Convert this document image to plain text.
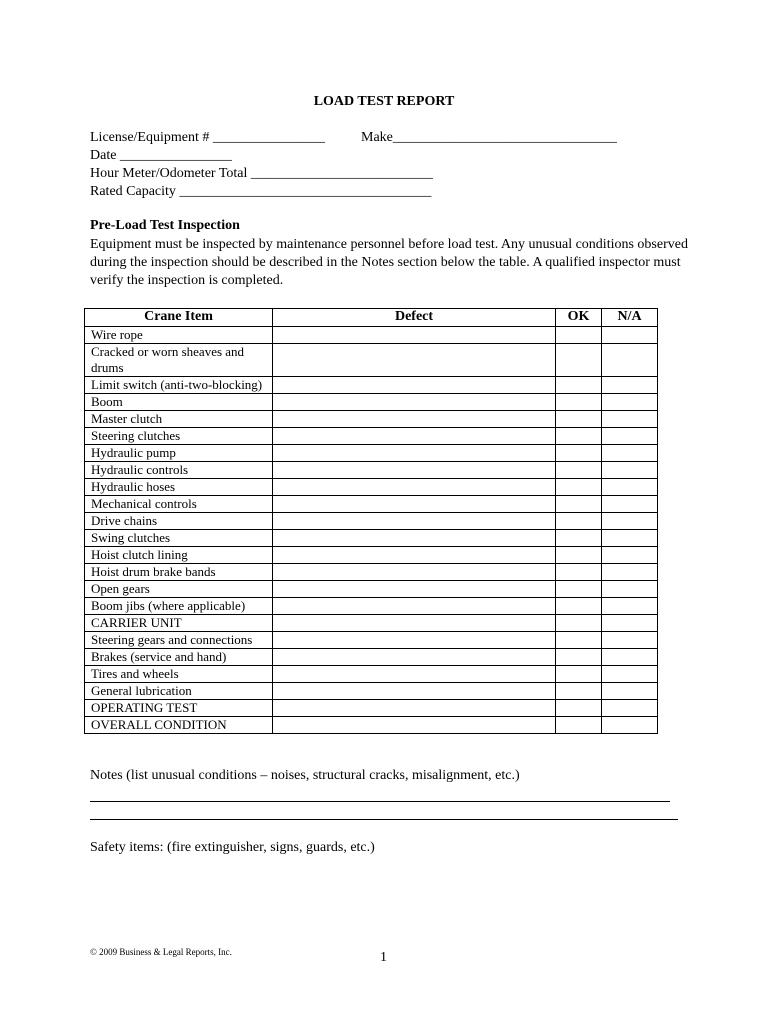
LOAD TEST REPORT
License/Equipment # ________________	Make________________________________
Date ________________
Hour Meter/Odometer Total __________________________
Rated Capacity ____________________________________
Pre-Load Test Inspection
Equipment must be inspected by maintenance personnel before load test. Any unusual conditions observed during the inspection should be described in the Notes section below the table. A qualified inspector must verify the inspection is completed.
Crane Item	Defect	OK	N/A
Wire rope			
Cracked or worn sheaves and drums			
Limit switch (anti-two-blocking)			
Boom			
Master clutch			
Steering clutches			
Hydraulic pump			
Hydraulic controls			
Hydraulic hoses			
Mechanical controls			
Drive chains			
Swing clutches			
Hoist clutch lining			
Hoist drum brake bands			
Open gears			
Boom jibs (where applicable)			
CARRIER UNIT			
Steering gears and connections			
Brakes (service and hand)			
Tires and wheels			
General lubrication			
OPERATING TEST			
OVERALL CONDITION			
Notes (list unusual conditions – noises, structural cracks, misalignment, etc.)
Safety items: (fire extinguisher, signs, guards, etc.)
© 2009 Business & Legal Reports, Inc.	1
